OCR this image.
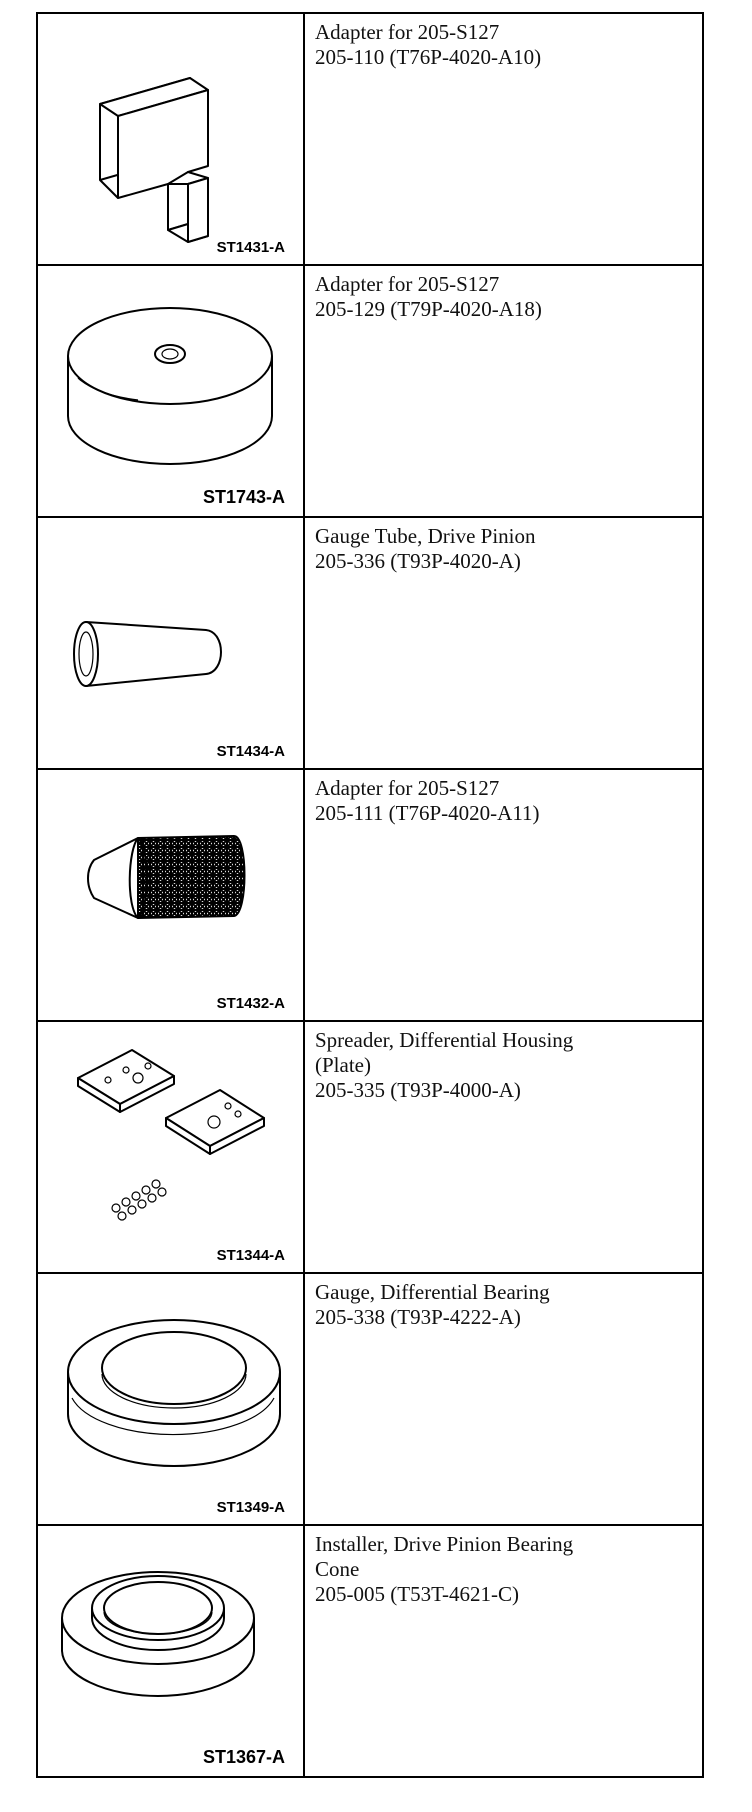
ST1431-A	Adapter for 205-S127

205-110 (T76P-4020-A10)

ST1743-A	Adapter for 205-S127

205-129 (T79P-4020-A18)

ST1434-A	Gauge Tube, Drive Pinion

205-336 (T93P-4020-A)

ST1432-A	Adapter for 205-S127

205-111 (T76P-4020-A11)

ST1344-A	Spreader, Differential Housing

(Plate)

205-335 (T93P-4000-A)

ST1349-A	Gauge, Differential Bearing

205-338 (T93P-4222-A)

ST1367-A	Installer, Drive Pinion Bearing

Cone

205-005 (T53T-4621-C)
